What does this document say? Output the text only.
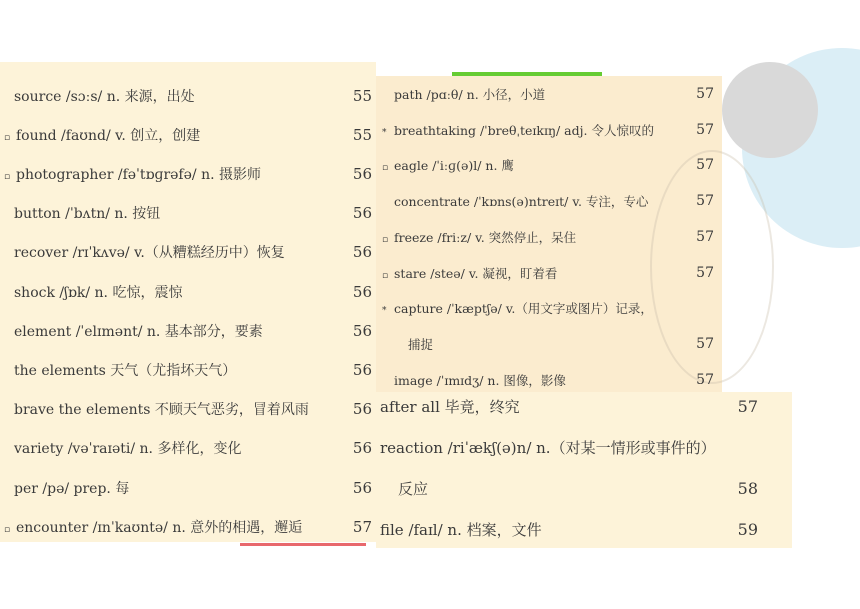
source /sɔːs/ n. 来源，出处	55
▫ found /faʊnd/ v. 创立，创建	55
▫ photographer /fəˈtɒɡrəfə/ n. 摄影师	56
button /ˈbʌtn/ n. 按钮	56
recover /rɪˈkʌvə/ v.（从糟糕经历中）恢复	56
shock /ʃɒk/ n. 吃惊，震惊	56
element /ˈelɪmənt/ n. 基本部分，要素	56
the elements 天气（尤指坏天气）	56
brave the elements 不顾天气恶劣，冒着风雨	56
variety /vəˈraɪəti/ n. 多样化，变化	56
per /pə/ prep. 每	56
▫ encounter /ɪnˈkaʊntə/ n. 意外的相遇，邂逅	57
path /pɑːθ/ n. 小径，小道	57
* breathtaking /ˈbreθˌteɪkɪŋ/ adj. 令人惊叹的	57
▫ eagle /ˈiːɡ(ə)l/ n. 鹰	57
concentrate /ˈkɒns(ə)ntreɪt/ v. 专注，专心	57
▫ freeze /friːz/ v. 突然停止，呆住	57
▫ stare /steə/ v. 凝视，盯着看	57
* capture /ˈkæptʃə/ v.（用文字或图片）记录，
捕捉	57
image /ˈɪmɪdʒ/ n. 图像，影像	57
after all 毕竟，终究	57
reaction /riˈækʃ(ə)n/ n.（对某一情形或事件的）
反应	58
file /faɪl/ n. 档案，文件	59
